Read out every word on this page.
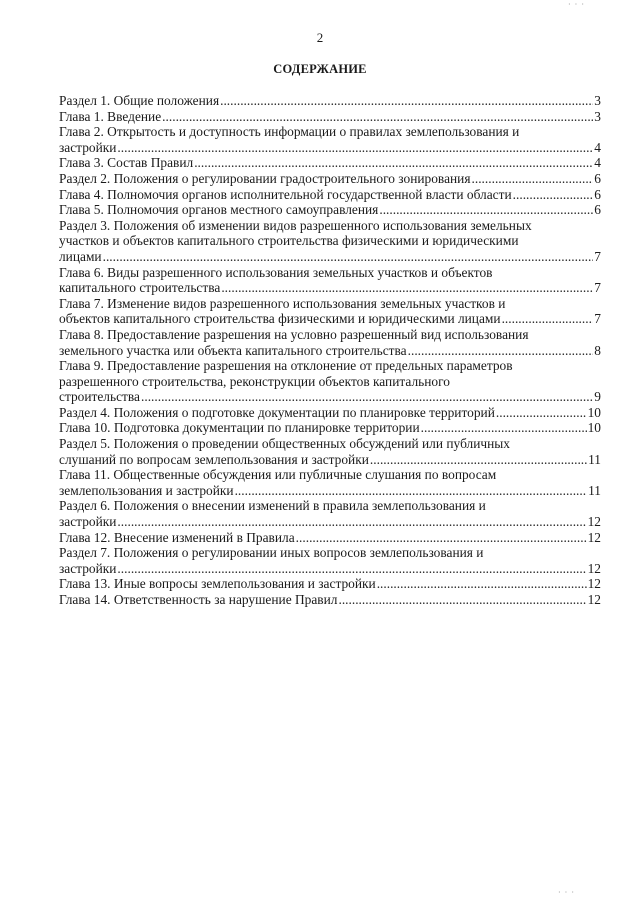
· · ·
2
СОДЕРЖАНИЕ
Раздел 1. Общие положения .....	3
Глава 1. Введение .....	3
Глава 2. Открытость и доступность информации о правилах землепользования и
застройки .....	4
Глава 3. Состав Правил .....	4
Раздел 2. Положения о регулировании градостроительного зонирования .....	6
Глава 4. Полномочия органов исполнительной государственной власти области .....	6
Глава 5. Полномочия органов местного самоуправления .....	6
Раздел 3. Положения об изменении видов разрешенного использования земельных
участков и объектов капитального строительства физическими и юридическими
лицами .....	7
Глава 6. Виды разрешенного использования земельных участков и объектов
капитального строительства .....	7
Глава 7. Изменение видов разрешенного использования земельных участков и
объектов капитального строительства физическими и юридическими лицами .....	7
Глава 8. Предоставление разрешения на условно разрешенный вид использования
земельного участка или объекта капитального строительства .....	8
Глава 9. Предоставление разрешения на отклонение от предельных параметров
разрешенного строительства, реконструкции объектов капитального
строительства .....	9
Раздел 4. Положения о подготовке документации по планировке территорий .....	10
Глава 10. Подготовка документации по планировке территории .....	10
Раздел 5. Положения о проведении общественных обсуждений или публичных
слушаний по вопросам землепользования и застройки .....	11
Глава 11. Общественные обсуждения или публичные слушания по вопросам
землепользования и застройки .....	11
Раздел 6. Положения о внесении изменений в правила землепользования и
застройки .....	12
Глава 12. Внесение изменений в Правила .....	12
Раздел 7. Положения о регулировании иных вопросов землепользования и
застройки .....	12
Глава 13. Иные вопросы землепользования и застройки .....	12
Глава 14. Ответственность за нарушение Правил .....	12
· · ·
